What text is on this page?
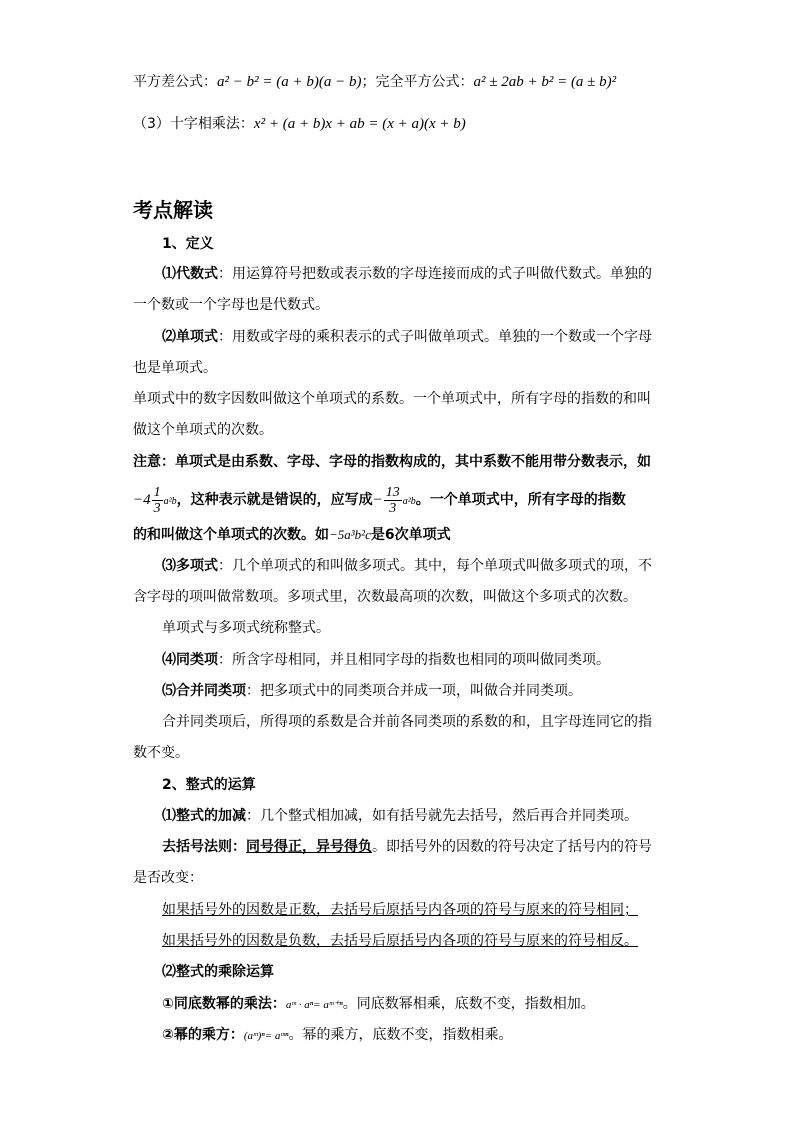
平方差公式：a² − b² = (a + b)(a − b)；完全平方公式：a² ± 2ab + b² = (a ± b)²
（3）十字相乘法：x² + (a + b)x + ab = (x + a)(x + b)
考点解读
1、定义
⑴代数式：用运算符号把数或表示数的字母连接而成的式子叫做代数式。单独的
一个数或一个字母也是代数式。
⑵单项式：用数或字母的乘积表示的式子叫做单项式。单独的一个数或一个字母
也是单项式。
单项式中的数字因数叫做这个单项式的系数。一个单项式中，所有字母的指数的和叫
做这个单项式的次数。
注意：单项式是由系数、字母、字母的指数构成的，其中系数不能用带分数表示，如
$-4 \frac{1}{3} a^2b$，这种表示就是错误的，应写成− $\frac{13}{3} a^2b$。一个单项式中，所有字母的指数
的和叫做这个单项式的次数。如−5a³b²c是6次单项式
⑶多项式：几个单项式的和叫做多项式。其中，每个单项式叫做多项式的项，不
含字母的项叫做常数项。多项式里，次数最高项的次数，叫做这个多项式的次数。
单项式与多项式统称整式。
⑷同类项：所含字母相同，并且相同字母的指数也相同的项叫做同类项。
⑸合并同类项：把多项式中的同类项合并成一项，叫做合并同类项。
合并同类项后，所得项的系数是合并前各同类项的系数的和，且字母连同它的指
数不变。
2、整式的运算
⑴整式的加减：几个整式相加减，如有括号就先去括号，然后再合并同类项。
去括号法则：同号得正，异号得负。即括号外的因数的符号决定了括号内的符号
是否改变：
如果括号外的因数是正数，去括号后原括号内各项的符号与原来的符号相同；
如果括号外的因数是负数，去括号后原括号内各项的符号与原来的符号相反。
⑵整式的乘除运算
①同底数幂的乘法：aᵐ · aⁿ= aᵐ⁺ⁿ。同底数幂相乘，底数不变，指数相加。
②幂的乘方：(aᵐ)ⁿ= aᵐⁿ。幂的乘方，底数不变，指数相乘。
